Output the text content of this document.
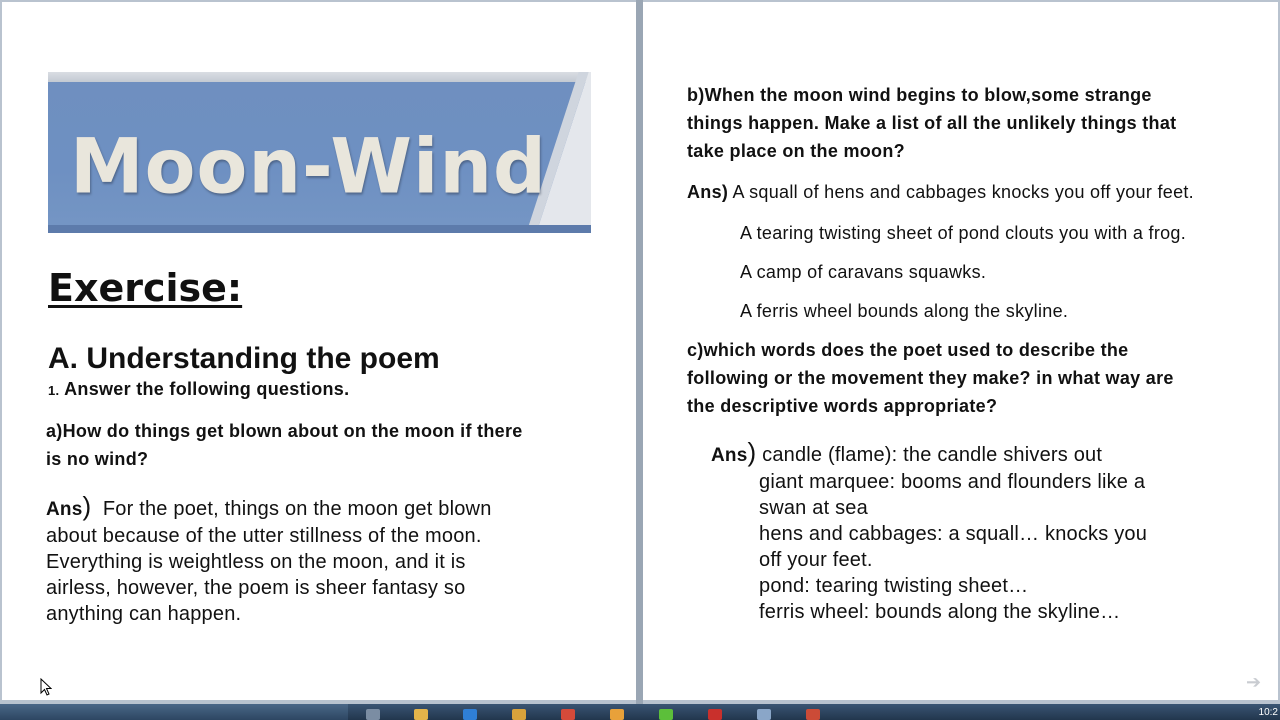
Moon-Wind
Exercise:
A. Understanding the poem
1. Answer the following questions.
a)How do things get blown about on the moon if there
is no wind?
Ans) For the poet, things on the moon get blown
about because of the utter stillness of the moon.
Everything is weightless on the moon, and it is
airless, however, the poem is sheer fantasy so
anything can happen.
b)When the moon wind begins to blow,some strange
things happen. Make a list of all the unlikely things that
take place on the moon?
Ans) A squall of hens and cabbages knocks you off your feet.
A tearing twisting sheet of pond clouts you with a frog.
A camp of caravans squawks.
A ferris wheel bounds along the skyline.
c)which words does the poet used to describe the
following or the movement they make? in what way are
the descriptive words appropriate?
Ans) candle (flame): the candle shivers out
giant marquee: booms and flounders like a
swan at sea
hens and cabbages: a squall… knocks you
off your feet.
pond: tearing twisting sheet…
ferris wheel: bounds along the skyline…
➔
10:2
